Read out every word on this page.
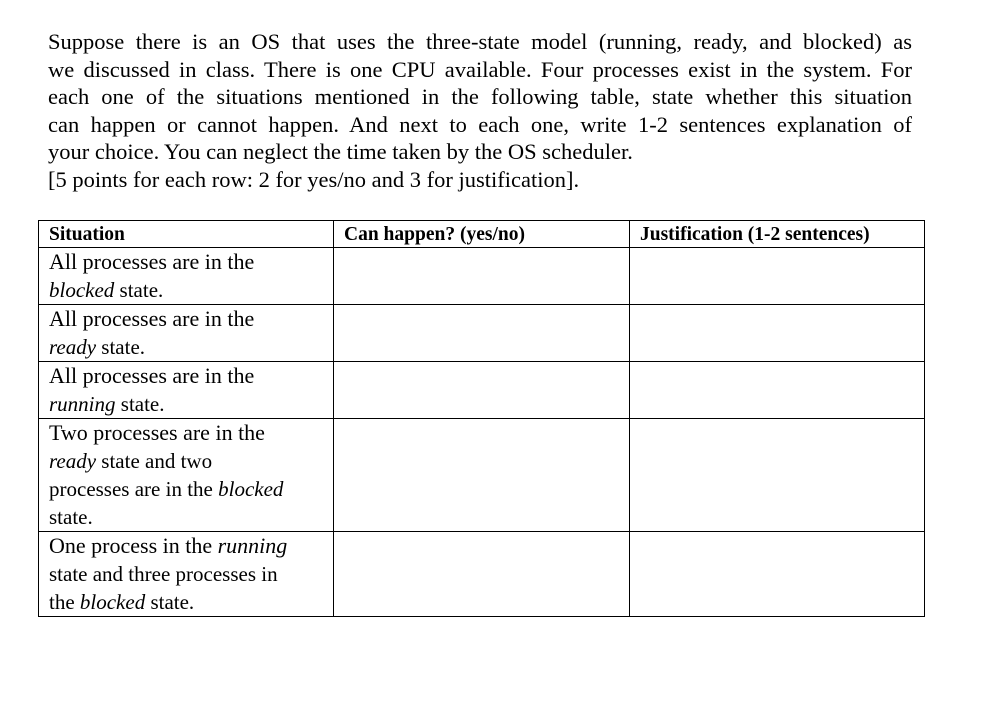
Suppose there is an OS that uses the three-state model (running, ready, and blocked) as
we discussed in class. There is one CPU available. Four processes exist in the system. For
each one of the situations mentioned in the following table, state whether this situation
can happen or cannot happen. And next to each one, write 1-2 sentences explanation of
your choice. You can neglect the time taken by the OS scheduler.

[5 points for each row: 2 for yes/no and 3 for justification].
Situation	Can happen? (yes/no)	Justification (1-2 sentences)

All processes are in the
blocked state.		

All processes are in the
ready state.		

All processes are in the
running state.		

Two processes are in the
ready state and two
processes are in the blocked
state.		

One process in the running
state and three processes in
the blocked state.		
